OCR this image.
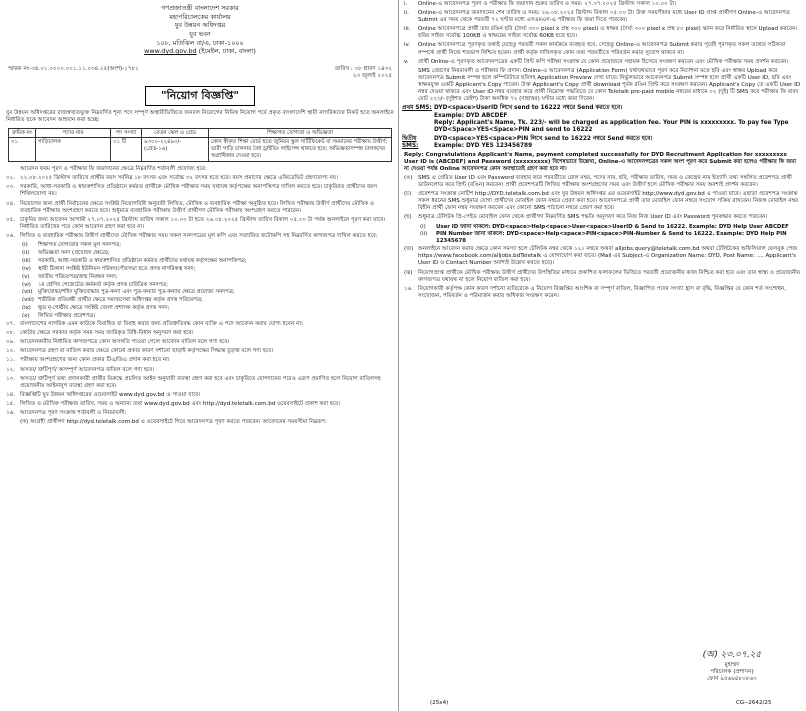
গণপ্রজাতন্ত্রী বাংলাদেশ সরকার
মহাপরিচালকের কার্যালয়
যুব উন্নয়ন অধিদপ্তর
যুব ভবন
১০৮, মতিঝিল বা/এ, ঢাকা-১০০০
www.dyd.gov.bd (ইমেইল, ঢাকা, বাংলা)
স্মারক নং-৩৪.০১.০০০০.০০১.১১.০৩৪.২৫(অংশ)-১৭৮১	তারিখ : ০৮ শ্রাবণ ১৪৩২
২৩ জুলাই ২০২৫
"নিয়োগ বিজ্ঞপ্তি"
যুব উন্নয়ন অধিদপ্তরের রাজস্বখাতভুক্ত নিম্নবর্ণিত শূন্য পদে সম্পূর্ণ অস্থায়ীভিত্তিতে জনবল নিয়োগের নিমিত্ত নিয়োগ পর্বে প্রকৃত বাংলাদেশি স্থায়ী নাগরিকদের নিকট হতে অনলাইনে নির্ধারিত ছকে আবেদন আহবান করা হচ্ছে:
ক্রমিক নং	পদের নাম	পদ সংখ্যা	বেতন স্কেল ও গ্রেড	শিক্ষাগত যোগ্যতা ও অভিজ্ঞতা
০১	গাড়িচালক	০১ টি	৯৩০০-২২৪৯০/- (গ্রেড-১৬)	কোন স্বীকৃত শিক্ষা বোর্ড হতে জুনিয়র স্কুল সার্টিফিকেট বা সমমানের পরীক্ষায় উত্তীর্ণ; ভারী গাড়ি চালনার বৈধ ড্রাইভিং লাইসেন্স থাকতে হবে; অভিজ্ঞতাসম্পন্ন চালকদের অগ্রাধিকার দেওয়া হবে।
আবেদন ফরম পূরণ ও পরীক্ষার ফি জমাদানের ক্ষেত্রে নিম্নবর্ণিত শর্তাবলী প্রযোজ্য হবে:
০২. ২২.০৮.২০২৫ খ্রিস্টাব্দ তারিখে প্রার্থীর বয়স সর্বনিম্ন ১৮ বৎসর এবং সর্বোচ্চ ৩২ বৎসর হতে হবে। বয়স প্রমাণের ক্ষেত্রে এফিডেভিট গ্রহণযোগ্য নয়।
০৩. সরকারি, আধা-সরকারি ও স্বায়ত্তশাসিত প্রতিষ্ঠানে কর্মরত প্রার্থীকে মৌখিক পরীক্ষার সময় যথাযথ কর্তৃপক্ষের অনাপত্তিপত্র দাখিল করতে হবে। চাকুরিরত প্রার্থীদের বয়স শিথিলযোগ্য নয়।
০৪. নিয়োগের জন্য প্রার্থী নির্বাচনের ক্ষেত্রে সংশ্লিষ্ট নিয়োগবিধি অনুযায়ী লিখিত, মৌখিক ও ব্যবহারিক পরীক্ষা অনুষ্ঠিত হবে। লিখিত পরীক্ষায় উত্তীর্ণ প্রার্থীদের মৌখিক ও ব্যবহারিক পরীক্ষায় অংশগ্রহণ করতে হবে। শুধুমাত্র ব্যবহারিক পরীক্ষায় উত্তীর্ণ প্রার্থীগণ মৌখিক পরীক্ষায় অংশগ্রহণ করতে পারবেন।
০৫. চাকুরির জন্য আবেদন আগামী ২৭.০৭.২০২৫ খ্রিস্টাব্দ তারিখ সকাল ১০.০০ টা হতে ২৬.০৮.২০২৫ খ্রিস্টাব্দ তারিখ বিকাল ০৫.০০ টা পর্যন্ত অনলাইনে পূরণ করা যাবে। নির্ধারিত তারিখের পরে কোন আবেদন গ্রহণ করা হবে না।
০৬. লিখিত ও ব্যবহারিক পরীক্ষায় উত্তীর্ণ প্রার্থীদের মৌখিক পরীক্ষার সময় সকল সনদপত্রের মূল কপি এবং সত্যায়িত ফটোকপি সহ নিম্নবর্ণিত কাগজপত্র দাখিল করতে হবে:
(i)	শিক্ষাগত যোগ্যতার সকল মূল সনদপত্র;
(ii)	অভিজ্ঞতা সনদ (প্রযোজ্য ক্ষেত্রে);
(iii)	সরকারি, আধা-সরকারি ও স্বায়ত্তশাসিত প্রতিষ্ঠানে কর্মরত প্রার্থীদের যথাযথ কর্তৃপক্ষের অনাপত্তিপত্র;
(iv)	স্থায়ী ঠিকানা সংশ্লিষ্ট ইউনিয়ন পরিষদ/পৌরসভা হতে প্রদত্ত নাগরিকত্ব সনদ;
(v)	জাতীয় পরিচয়পত্র/জন্ম নিবন্ধন সনদ;
(vi)	১ম শ্রেণির গেজেটেড কর্মকর্তা কর্তৃক প্রদত্ত চারিত্রিক সনদপত্র;
(vii)	মুক্তিযোদ্ধা/শহিদ মুক্তিযোদ্ধার পুত্র-কন্যা এবং পুত্র-কন্যার পুত্র-কন্যার ক্ষেত্রে প্রযোজ্য সনদপত্র;
(viii) শারীরিক প্রতিবন্ধী প্রার্থীর ক্ষেত্রে সমাজসেবা অধিদপ্তর কর্তৃক প্রদত্ত পরিচয়পত্র;
(ix)	ক্ষুদ্র নৃ-গোষ্ঠীর ক্ষেত্রে সংশ্লিষ্ট জেলা প্রশাসক কর্তৃক প্রদত্ত সনদ;
(x)	লিখিত পরীক্ষার প্রবেশপত্র।
০৭. বাংলাদেশের নাগরিক এমন কাউকে বিবাহিত বা বিবাহ করার জন্য প্রতিশ্রুতিবদ্ধ কোন ব্যক্তি এ পদে আবেদন করার যোগ্য হবেন না।
০৮. কোটার ক্ষেত্রে সরকার কর্তৃক সময় সময় জারিকৃত বিধি-বিধান অনুসরণ করা হবে।
০৯. আবেদনকারীর নির্ধারিত কাগজপত্রে কোন অসঙ্গতি পাওয়া গেলে আবেদন বাতিল বলে গণ্য হবে।
১০. আবেদনপত্র গ্রহণ বা বাতিল করার ক্ষেত্রে কোনো প্রকার কারণ দর্শানো ছাড়াই কর্তৃপক্ষের সিদ্ধান্ত চূড়ান্ত বলে গণ্য হবে।
১১. পরীক্ষায় অংশগ্রহণের জন্য কোন প্রকার টিএ/ডিএ প্রদান করা হবে না।
১২. অসত্য/ ত্রুটিপূর্ণ/ অসম্পূর্ণ আবেদনপত্র বাতিল বলে গণ্য হবে।
১৩. অসত্য/ ত্রুটিপূর্ণ তথ্য প্রদানকারী প্রার্থীর বিরুদ্ধে প্রচলিত আইন অনুযায়ী ব্যবস্থা গ্রহণ করা হবে এবং চাকুরিতে যোগদানের পরেও এরূপ প্রমাণিত হলে নিয়োগ বাতিলসহ প্রয়োজনীয় আইনানুগ ব্যবস্থা গ্রহণ করা হবে।
১৪. বিজ্ঞপ্তিটি যুব উন্নয়ন অধিদপ্তরের ওয়েবসাইট www.dyd.gov.bd এ পাওয়া যাবে।
১৫. লিখিত ও মৌখিক পরীক্ষার তারিখ, সময় ও অন্যান্য তথ্য www.dyd.gov.bd এবং http://dyd.teletalk.com.bd ওয়েবসাইটে প্রকাশ করা হবে।
১৬. আবেদনপত্র পূরণ সংক্রান্ত শর্তাবলী ও নিয়মাবলী:
(ক) আগ্রহী প্রার্থীগণ http://dyd.teletalk.com.bd এ ওয়েবসাইটে গিয়ে আবেদনপত্র পূরণ করতে পারবেন। আবেদনের সময়সীমা নিম্নরূপ:
i.	Online-এ আবেদনপত্র পূরণ ও পরীক্ষার ফি জমাদান শুরুর তারিখ ও সময়: ২৭.০৭.২০২৫ খ্রিস্টাব্দ সকাল ১০.০০ টা।
ii.	Online-এ আবেদনপত্র জমাদানের শেষ তারিখ ও সময়: ২৬.০৮.২০২৫ খ্রিস্টাব্দ বিকাল ০৫.০০ টা। উক্ত সময়সীমার মধ্যে User ID প্রাপ্ত প্রার্থীগণ Online-এ আবেদনপত্র Submit এর সময় থেকে পরবর্তী ৭২ ঘণ্টার মধ্যে এসএমএস-এ পরীক্ষার ফি জমা দিতে পারবেন।
iii.	Online আবেদনপত্রে প্রার্থী তার রঙিন ছবি (দৈর্ঘ্য ৩০০ pixel x প্রস্থ ৩০০ pixel) ও স্বাক্ষর (দৈর্ঘ্য ৩০০ pixel x প্রস্থ ৮০ pixel) স্ক্যান করে নির্ধারিত স্থানে Upload করবেন। ছবির সাইজ সর্বোচ্চ 100KB ও স্বাক্ষরের সাইজ সর্বোচ্চ 60KB হতে হবে।
iv.	Online আবেদনপত্রে পূরণকৃত তথ্যই যেহেতু পরবর্তী সকল কার্যক্রমে ব্যবহৃত হবে, সেহেতু Online-এ আবেদনপত্র Submit করার পূর্বেই পূরণকৃত সকল তথ্যের সঠিকতা সম্পর্কে প্রার্থী নিজে শতভাগ নিশ্চিত হবেন। প্রার্থী কর্তৃক দাখিলকৃত কোন তথ্য পরবর্তীতে পরিবর্তন করার সুযোগ থাকবে না।
v.	প্রার্থী Online-এ পূরণকৃত আবেদনপত্রের একটি প্রিন্ট কপি পরীক্ষা সংক্রান্ত যে কোন প্রয়োজনে সহায়ক হিসেবে সংরক্ষণ করবেন এবং মৌখিক পরীক্ষার সময় প্রদর্শন করবেন।
SMS প্রেরণের নিয়মাবলী ও পরীক্ষার ফি প্রদান: Online-এ আবেদনপত্র (Application Form) যথাযথভাবে পূরণ করে নির্দেশনা মতে ছবি এবং স্বাক্ষর Upload করে আবেদনপত্র Submit সম্পন্ন হলে কম্পিউটারে ছবিসহ Application Preview দেখা যাবে। নির্ভুলভাবে আবেদনপত্র Submit সম্পন্ন হলে প্রার্থী একটি User ID, ছবি এবং স্বাক্ষরযুক্ত একটি Applicant's Copy পাবেন। উক্ত Applicant's Copy প্রার্থী download পূর্বক রঙিন প্রিন্ট করে সংরক্ষণ করবেন। Applicant's Copy তে একটি User ID নম্বর দেওয়া থাকবে এবং User ID নম্বর ব্যবহার করে প্রার্থী নিম্নোক্ত পদ্ধতিতে যে কোন Teletalk pre-paid mobile নম্বরের মাধ্যমে ০২ (দুই) টি SMS করে পরীক্ষার ফি বাবদ মোট ২২৩/- (দুইশত তেইশ) টাকা অনধিক ৭২ (বাহাত্তর) ঘণ্টার মধ্যে জমা দিবেন।
প্রথম SMS: DYD<space>UserID লিখে send to 16222 নম্বরে Send করতে হবে।
Example: DYD ABCDEF
Reply: Applicant's Name, Tk. 223/- will be charged as application fee. Your PIN is xxxxxxxxx. To pay fee Type DYD<Space>YES<Space>PIN and send to 16222
দ্বিতীয় SMS:
DYD<space>YES<space>PIN লিখে send to 16222 নম্বরে Send করতে হবে।
Example: DYD YES 123456789
Reply: Congratulations Applicant's Name, payment completed successfully for DYD Recruitment Application for xxxxxxxxx User ID is (ABCDEF) and Password (xxxxxxxxx) বিশেষভাবে উল্লেখ্য, Online-এ আবেদনপত্রের সকল অংশ পূরণ করে Submit করা হলেও পরীক্ষার ফি জমা না দেওয়া পর্যন্ত Online আবেদনপত্র কোন অবস্থাতেই গ্রহণ করা হবে না।
(ঙ)	SMS এ প্রেরিত User ID এবং Password ব্যবহার করে পরবর্তীতে রোল নম্বর, পদের নাম, ছবি, পরীক্ষার তারিখ, সময় ও কেন্দ্রের নাম ইত্যাদি তথ্য সম্বলিত প্রবেশপত্র প্রার্থী ডাউনলোড করে প্রিন্ট (রঙিন) করবেন। প্রার্থী প্রবেশপত্রটি লিখিত পরীক্ষায় অংশগ্রহণের সময় এবং উত্তীর্ণ হলে মৌখিক পরীক্ষার সময় অবশ্যই প্রদর্শন করবেন।
(চ)	প্রবেশপত্র সংক্রান্ত নোটিশ http://DYD.teletalk.com.bd এবং যুব উন্নয়ন অধিদপ্তর এর ওয়েবসাইট http://www.dyd.gov.bd এ পাওয়া যাবে। এছাড়া প্রবেশপত্র সংক্রান্ত সকল ধরনের SMS শুধুমাত্র যোগ্য প্রার্থীদের মোবাইল ফোন নম্বরে প্রেরণ করা হবে। আবেদনপত্রে প্রার্থী তার মোবাইল ফোন নম্বরে সংযোগ সক্রিয় রাখবেন। নিজস্ব মোবাইল নম্বর বিহীন প্রার্থী ফোন নম্বর সংরক্ষণ করবেন এবং কোনো SMS পাঠানো নম্বরে প্রেরণ করা হবে।
(ছ)	শুধুমাত্র টেলিটক প্রি-পেইড মোবাইল ফোন থেকে প্রার্থীগণ নিম্নবর্ণিত SMS পদ্ধতি অনুসরণ করে নিজ নিজ User ID এবং Password পুনরুদ্ধার করতে পারবেন।
(i)	User ID জানা থাকলে: DYD<space>Help<space>User<space>UserID & Send to 16222. Example: DYD Help User ABCDEF
(ii)	PIN Number জানা থাকলে: DYD<space>Help<space>PIN<space>PIN-Number & Send to 16222. Example: DYD Help PIN 12345678
(জ) অনলাইনে আবেদন করার ক্ষেত্রে কোন সমস্যা হলে টেলিটক নম্বর থেকে ১২১ নম্বরে অথবা alljobs.query@teletalk.com.bd অথবা টেলিটকের অফিসিয়াল ফেসবুক পেজ https://www.facebook.com/alljobs.bdTeletalk এ যোগাযোগ করা যাবে। (Mail এর Subject-এ Organization Name: DYD, Post Name: ..., Applicant's User ID ও Contact Number অবশ্যই উল্লেখ করতে হবে)।
(ঝ) নিয়োগপ্রাপ্ত প্রার্থীকে মৌখিক পরীক্ষায় উত্তীর্ণ প্রার্থীদের উপস্থিতির মাধ্যমে প্রকাশিত ফলাফলের ভিত্তিতে পরবর্তী প্রয়োজনীয় কাজ নিশ্চিত করা হবে এবং তার স্বাস্থ্য ও প্রয়োজনীয় কাগজপত্র যথাযথ না হলে নিয়োগ বাতিল করা হবে।
১৬. নিয়োগকারী কর্তৃপক্ষ কোন কারণ দর্শানো ব্যতিরেকে এ নিয়োগ বিজ্ঞপ্তির আংশিক বা সম্পূর্ণ বাতিল, বিজ্ঞাপিত পদের সংখ্যা হ্রাস বা বৃদ্ধি, বিজ্ঞপ্তির যে কোন শর্ত সংশোধন, সংযোজন, পরিবর্তন ও পরিমার্জন করার অধিকার সংরক্ষণ করেন।
(অ) ২৩.০৭.২৫
মুহাম্মদ
পরিচালক (প্রশাসন)
ফোন ৯৫৬৬৪৮০৮৬৩
(25x4)	CG--2642/25
